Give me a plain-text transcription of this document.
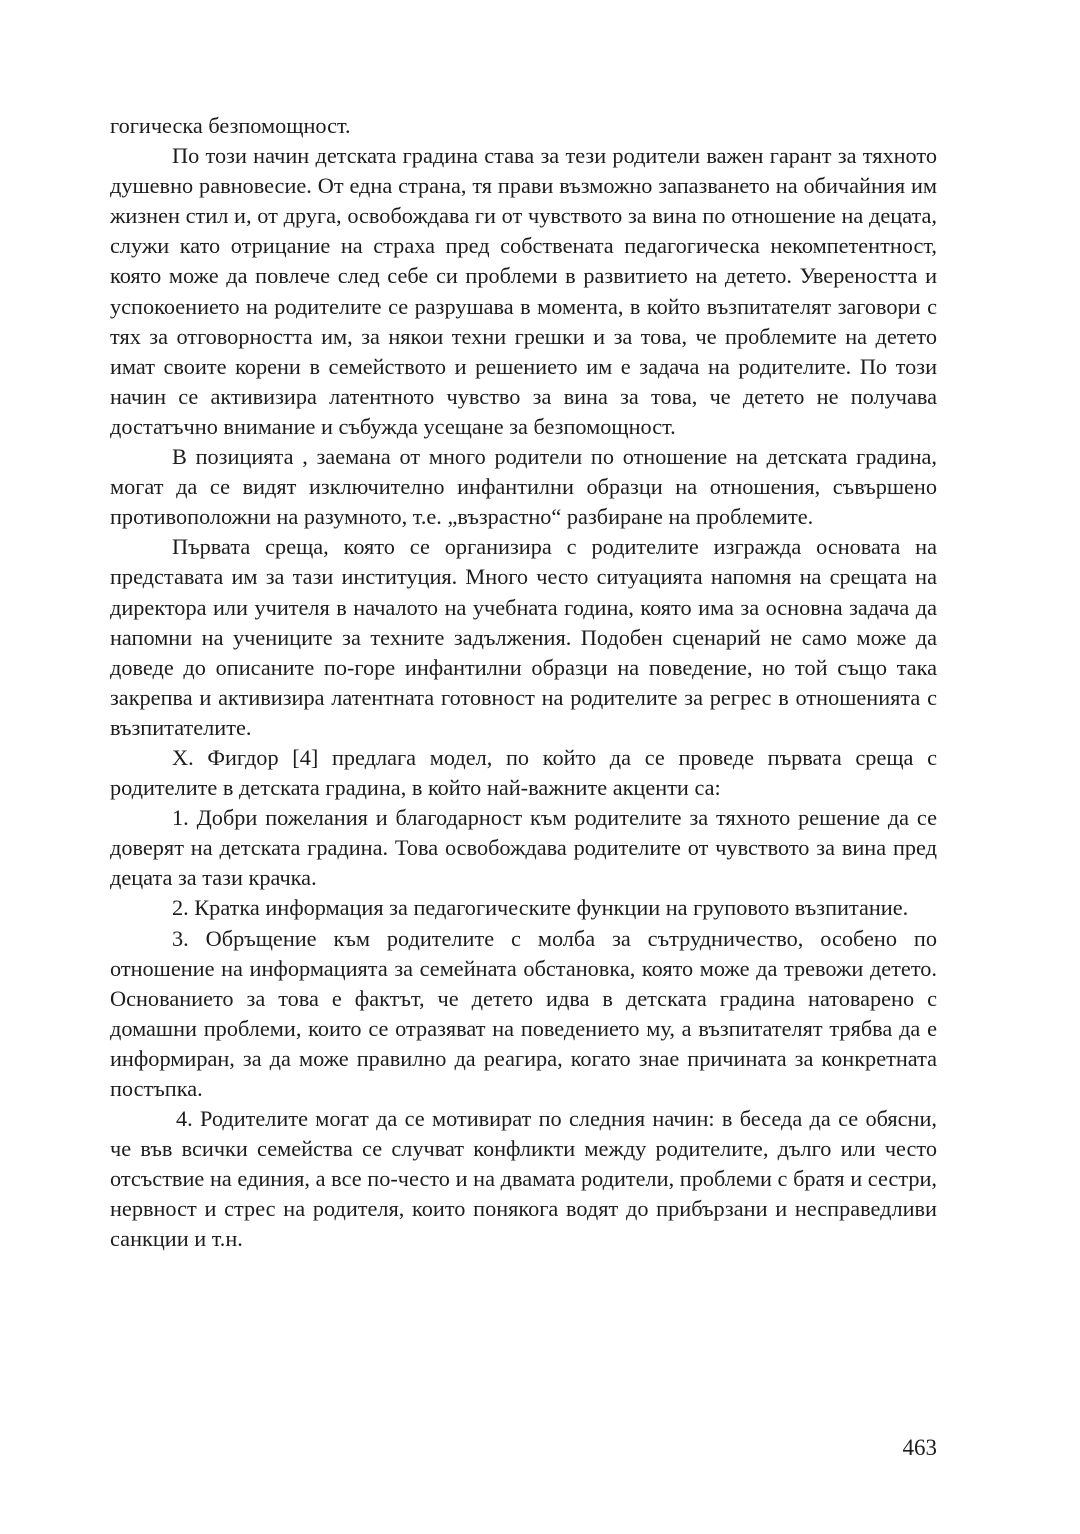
гогическа безпомощност.

По този начин детската градина става за тези родители важен гарант за тяхното душевно равновесие. От една страна, тя прави възможно запазването на обичайния им жизнен стил и, от друга, освобождава ги от чувството за вина по отношение на децата, служи като отрицание на страха пред собствената педагогическа некомпетентност, която може да повлече след себе си проблеми в развитието на детето. Увереността и успокоението на родителите се разрушава в момента, в който възпитателят заговори с тях за отговорността им, за някои техни грешки и за това, че проблемите на детето имат своите корени в семейството и решението им е задача на родителите. По този начин се активизира латентното чувство за вина за това, че детето не получава достатъчно внимание и събужда усещане за безпомощност.

В позицията , заемана от много родители по отношение на детската градина, могат да се видят изключително инфантилни образци на отношения, съвършено противоположни на разумното, т.е. „възрастно“ разбиране на проблемите.

Първата среща, която се организира с родителите изгражда основата на представата им за тази институция. Много често ситуацията напомня на срещата на директора или учителя в началото на учебната година, която има за основна задача да напомни на учениците за техните задължения. Подобен сценарий не само може да доведе до описаните по-горе инфантилни образци на поведение, но той също така закрепва и активизира латентната готовност на родителите за регрес в отношенията с възпитателите.

Х. Фигдор [4] предлага модел, по който да се проведе първата среща с родителите в детската градина, в който най-важните акценти са:

1. Добри пожелания и благодарност към родителите за тяхното решение да се доверят на детската градина. Това освобождава родителите от чувството за вина пред децата за тази крачка.

2. Кратка информация за педагогическите функции на груповото възпитание.

3. Обръщение към родителите с молба за сътрудничество, особено по отношение на информацията за семейната обстановка, която може да тревожи детето. Основанието за това е фактът, че детето идва в детската градина натоварено с домашни проблеми, които се отразяват на поведението му, а възпитателят трябва да е информиран, за да може правилно да реагира, когато знае причината за конкретната постъпка.

4. Родителите могат да се мотивират по следния начин: в беседа да се обясни, че във всички семейства се случват конфликти между родителите, дълго или често отсъствие на единия, а все по-често и на двамата родители, проблеми с братя и сестри, нервност и стрес на родителя, които понякога водят до прибързани и несправедливи санкции и т.н.

463
